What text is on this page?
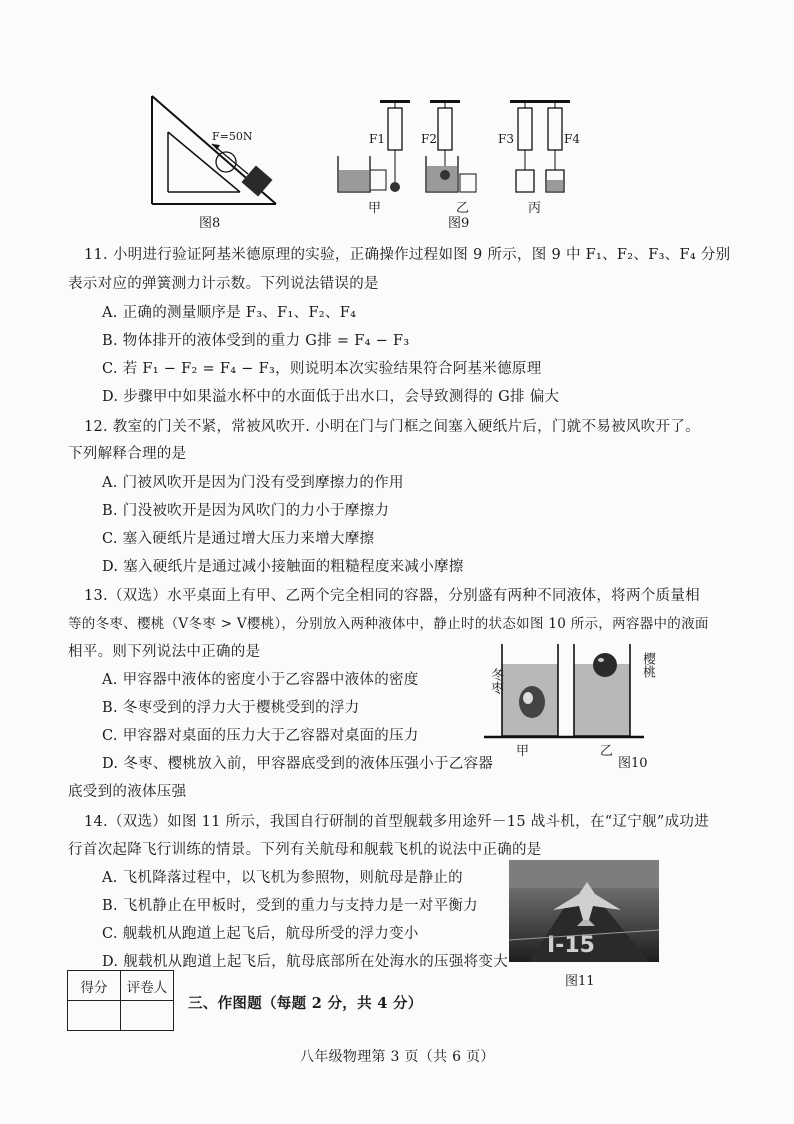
F=50N
图8
F1	F2	F3	F4
甲	乙	丙
图9
11. 小明进行验证阿基米德原理的实验，正确操作过程如图 9 所示，图 9 中 F₁、F₂、F₃、F₄ 分别
表示对应的弹簧测力计示数。下列说法错误的是
A. 正确的测量顺序是 F₃、F₁、F₂、F₄
B. 物体排开的液体受到的重力 G排 = F₄ − F₃
C. 若 F₁ − F₂ = F₄ − F₃，则说明本次实验结果符合阿基米德原理
D. 步骤甲中如果溢水杯中的水面低于出水口，会导致测得的 G排 偏大
12. 教室的门关不紧，常被风吹开. 小明在门与门框之间塞入硬纸片后，门就不易被风吹开了。
下列解释合理的是
A. 门被风吹开是因为门没有受到摩擦力的作用
B. 门没被吹开是因为风吹门的力小于摩擦力
C. 塞入硬纸片是通过增大压力来增大摩擦
D. 塞入硬纸片是通过减小接触面的粗糙程度来减小摩擦
13.（双选）水平桌面上有甲、乙两个完全相同的容器，分别盛有两种不同液体，将两个质量相
等的冬枣、樱桃（V冬枣 > V樱桃），分别放入两种液体中，静止时的状态如图 10 所示，两容器中的液面
相平。则下列说法中正确的是
A. 甲容器中液体的密度小于乙容器中液体的密度
B. 冬枣受到的浮力大于樱桃受到的浮力
C. 甲容器对桌面的压力大于乙容器对桌面的压力
D. 冬枣、樱桃放入前，甲容器底受到的液体压强小于乙容器
底受到的液体压强
冬枣
樱桃
甲	乙
图10
14.（双选）如图 11 所示，我国自行研制的首型舰载多用途歼－15 战斗机，在“辽宁舰”成功进
行首次起降飞行训练的情景。下列有关航母和舰载飞机的说法中正确的是
A. 飞机降落过程中，以飞机为参照物，则航母是静止的
B. 飞机静止在甲板时，受到的重力与支持力是一对平衡力
C. 舰载机从跑道上起飞后，航母所受的浮力变小
D. 舰载机从跑道上起飞后，航母底部所在处海水的压强将变大
I-15
图11
得分	评卷人

三、作图题（每题 2 分，共 4 分）
八年级物理第 3 页（共 6 页）
